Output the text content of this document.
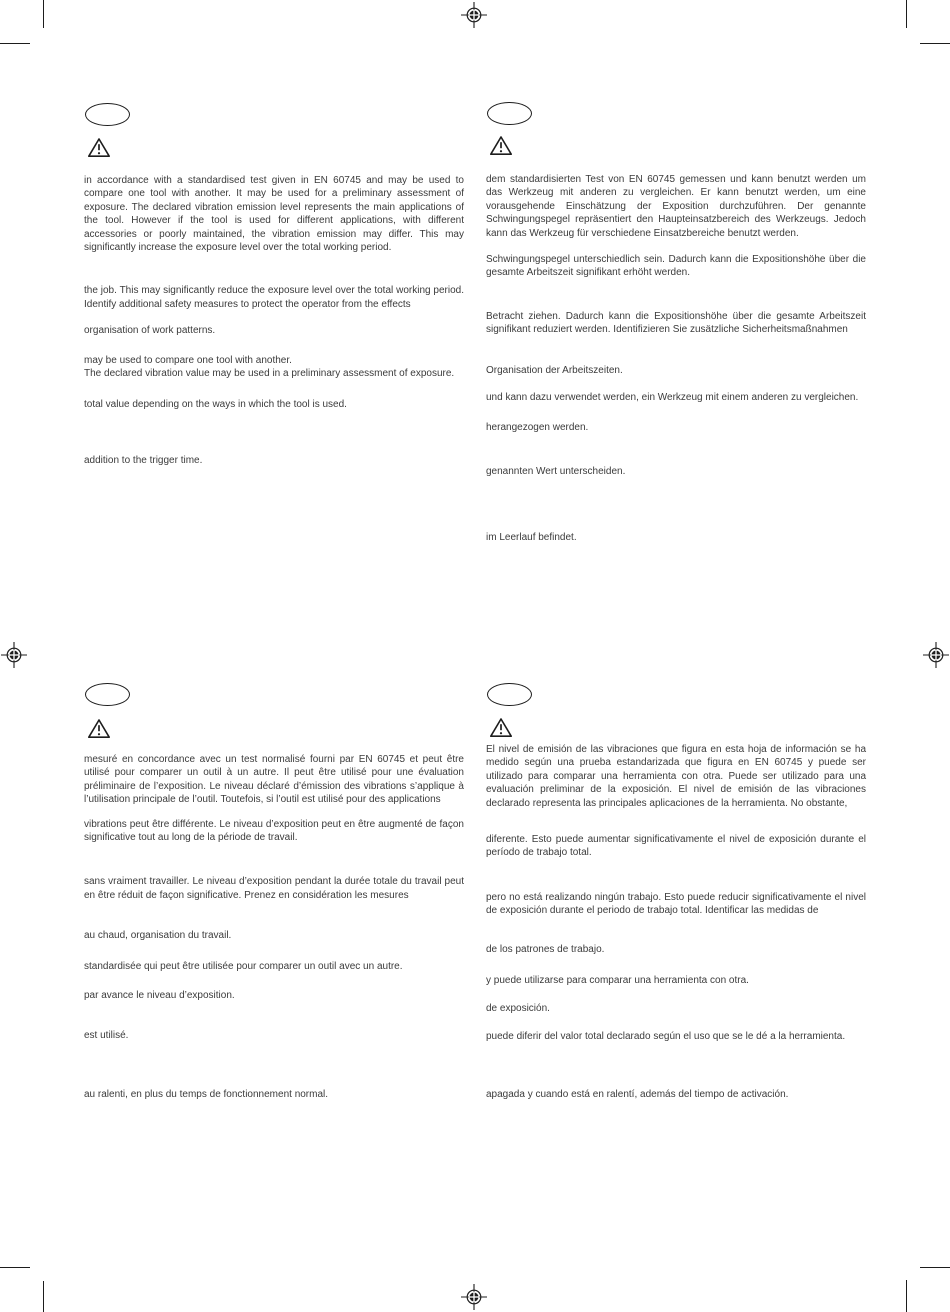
in accordance with a standardised test given in EN 60745 and may be used to compare one tool with another. It may be used for a preliminary assessment of exposure. The declared vibration emission level represents the main applications of the tool. However if the tool is used for different applications, with different accessories or poorly maintained, the vibration emission may differ. This may significantly increase the exposure level over the total working period.

the job. This may significantly reduce the exposure level over the total working period. Identify additional safety measures to protect the operator from the effects

organisation of work patterns.

may be used to compare one tool with another.

The declared vibration value may be used in a preliminary assessment of exposure.

total value depending on the ways in which the tool is used.

addition to the trigger time.

dem standardisierten Test von EN 60745 gemessen und kann benutzt werden um das Werkzeug mit anderen zu vergleichen. Er kann benutzt werden, um eine vorausgehende Einschätzung der Exposition durchzuführen. Der genannte Schwingungspegel repräsentiert den Haupteinsatzbereich des Werkzeugs. Jedoch kann das Werkzeug für verschiedene Einsatzbereiche benutzt werden.

Schwingungspegel unterschiedlich sein. Dadurch kann die Expositionshöhe über die gesamte Arbeitszeit signifikant erhöht werden.

Betracht ziehen. Dadurch kann die Expositionshöhe über die gesamte Arbeitszeit signifikant reduziert werden. Identifizieren Sie zusätzliche Sicherheitsmaßnahmen

Organisation der Arbeitszeiten.

und kann dazu verwendet werden, ein Werkzeug mit einem anderen zu vergleichen.

herangezogen werden.

genannten Wert unterscheiden.

im Leerlauf befindet.

mesuré en concordance avec un test normalisé fourni par EN 60745 et peut être utilisé pour comparer un outil à un autre. Il peut être utilisé pour une évaluation préliminaire de l’exposition. Le niveau déclaré d’émission des vibrations s’applique à l’utilisation principale de l’outil. Toutefois, si l’outil est utilisé pour des applications

vibrations peut être différente. Le niveau d’exposition peut en être augmenté de façon significative tout au long de la période de travail.

sans vraiment travailler. Le niveau d’exposition pendant la durée totale du travail peut en être réduit de façon significative. Prenez en considération les mesures

au chaud, organisation du travail.

standardisée qui peut être utilisée pour comparer un outil avec un autre.

par avance le niveau d’exposition.

est utilisé.

au ralenti, en plus du temps de fonctionnement normal.

El nivel de emisión de las vibraciones que figura en esta hoja de información se ha medido según una prueba estandarizada que figura en EN 60745 y puede ser utilizado para comparar una herramienta con otra. Puede ser utilizado para una evaluación preliminar de la exposición. El nivel de emisión de las vibraciones declarado representa las principales aplicaciones de la herramienta. No obstante,

diferente. Esto puede aumentar significativamente el nivel de exposición durante el período de trabajo total.

pero no está realizando ningún trabajo. Esto puede reducir significativamente el nivel de exposición durante el periodo de trabajo total. Identificar las medidas de

de los patrones de trabajo.

y puede utilizarse para comparar una herramienta con otra.

de exposición.

puede diferir del valor total declarado según el uso que se le dé a la herramienta.

apagada y cuando está en ralentí, además del tiempo de activación.
